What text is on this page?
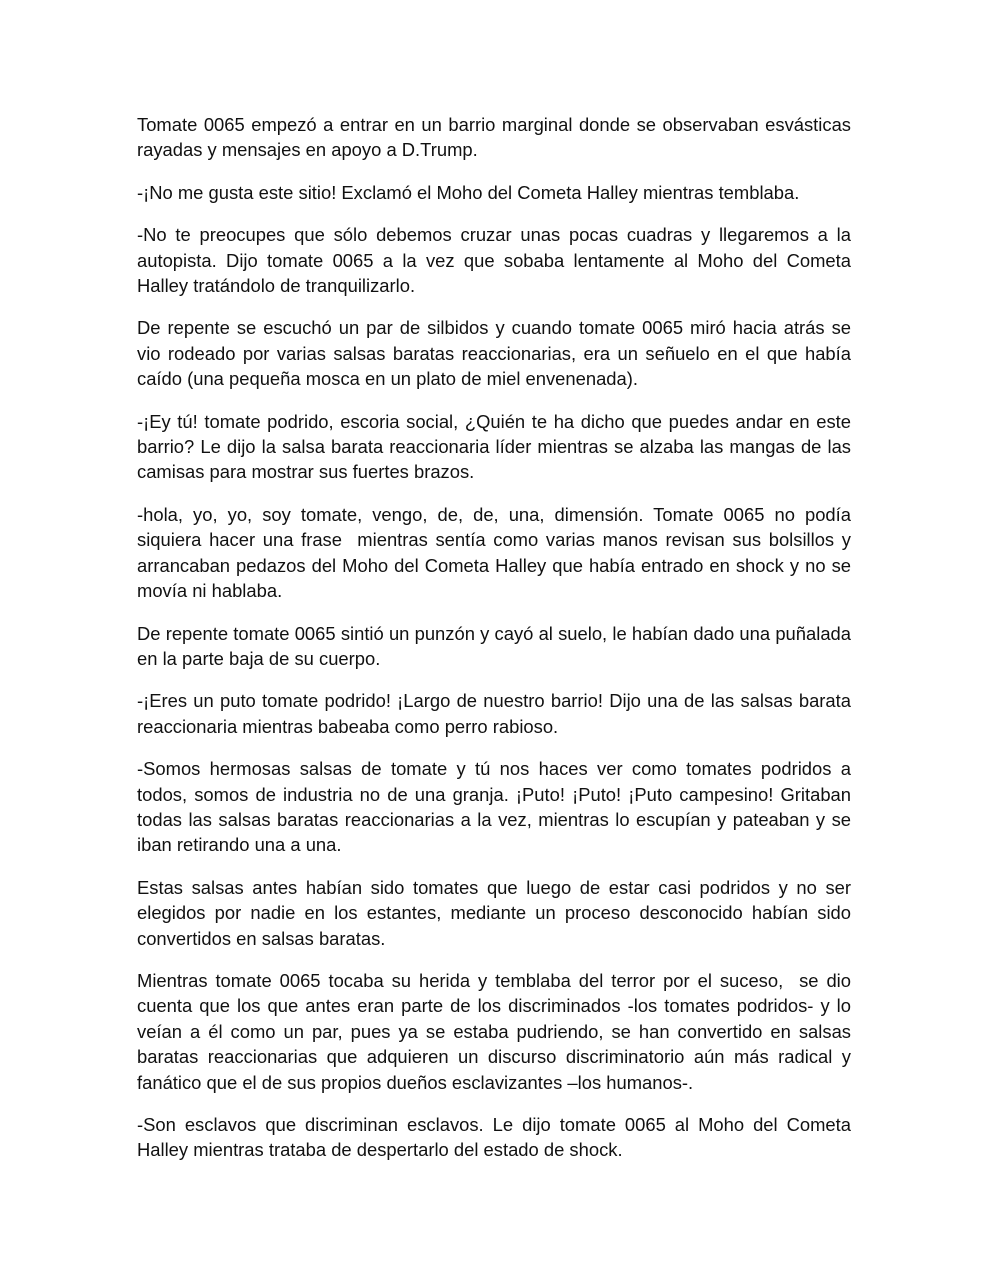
Tomate 0065 empezó a entrar en un barrio marginal donde se observaban esvásticas rayadas y mensajes en apoyo a D.Trump.

-¡No me gusta este sitio! Exclamó el Moho del Cometa Halley mientras temblaba.

-No te preocupes que sólo debemos cruzar unas pocas cuadras y llegaremos a la autopista. Dijo tomate 0065 a la vez que sobaba lentamente al Moho del Cometa Halley tratándolo de tranquilizarlo.

De repente se escuchó un par de silbidos y cuando tomate 0065 miró hacia atrás se vio rodeado por varias salsas baratas reaccionarias, era un señuelo en el que había caído (una pequeña mosca en un plato de miel envenenada).

-¡Ey tú! tomate podrido, escoria social, ¿Quién te ha dicho que puedes andar en este barrio? Le dijo la salsa barata reaccionaria líder mientras se alzaba las mangas de las camisas para mostrar sus fuertes brazos.

-hola, yo, yo, soy tomate, vengo, de, de, una, dimensión. Tomate 0065 no podía siquiera hacer una frase  mientras sentía como varias manos revisan sus bolsillos y arrancaban pedazos del Moho del Cometa Halley que había entrado en shock y no se movía ni hablaba.

De repente tomate 0065 sintió un punzón y cayó al suelo, le habían dado una puñalada en la parte baja de su cuerpo.

-¡Eres un puto tomate podrido! ¡Largo de nuestro barrio! Dijo una de las salsas barata reaccionaria mientras babeaba como perro rabioso.

-Somos hermosas salsas de tomate y tú nos haces ver como tomates podridos a todos, somos de industria no de una granja. ¡Puto! ¡Puto! ¡Puto campesino! Gritaban todas las salsas baratas reaccionarias a la vez, mientras lo escupían y pateaban y se iban retirando una a una.

Estas salsas antes habían sido tomates que luego de estar casi podridos y no ser elegidos por nadie en los estantes, mediante un proceso desconocido habían sido convertidos en salsas baratas.

Mientras tomate 0065 tocaba su herida y temblaba del terror por el suceso,  se dio cuenta que los que antes eran parte de los discriminados -los tomates podridos- y lo veían a él como un par, pues ya se estaba pudriendo, se han convertido en salsas baratas reaccionarias que adquieren un discurso discriminatorio aún más radical y fanático que el de sus propios dueños esclavizantes –los humanos-.

-Son esclavos que discriminan esclavos. Le dijo tomate 0065 al Moho del Cometa Halley mientras trataba de despertarlo del estado de shock.
